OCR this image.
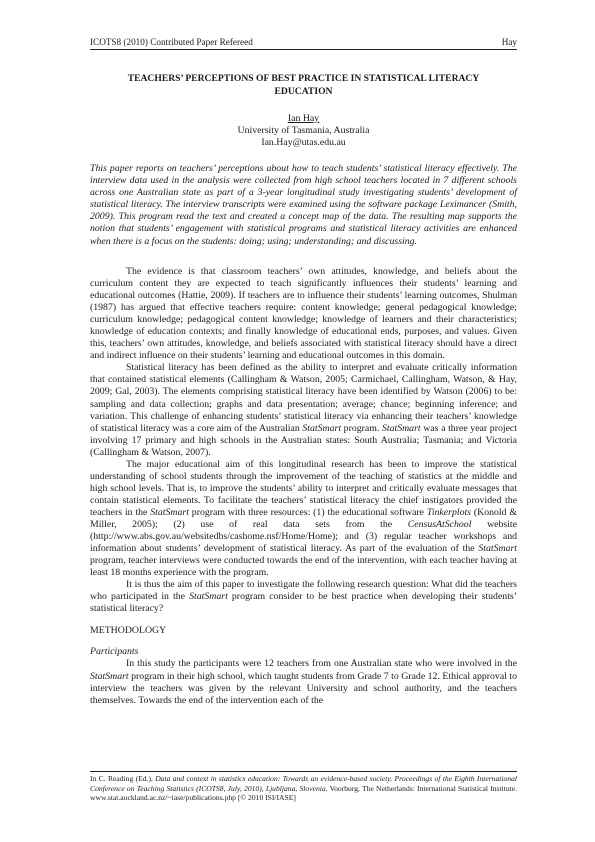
ICOTS8 (2010) Contributed Paper Refereed	Hay
TEACHERS’ PERCEPTIONS OF BEST PRACTICE IN STATISTICAL LITERACY
EDUCATION
Ian Hay
University of Tasmania, Australia
Ian.Hay@utas.edu.au

This paper reports on teachers’ perceptions about how to teach students’ statistical literacy effectively. The interview data used in the analysis were collected from high school teachers located in 7 different schools across one Australian state as part of a 3-year longitudinal study investigating students’ development of statistical literacy. The interview transcripts were examined using the software package Leximancer (Smith, 2009). This program read the text and created a concept map of the data. The resulting map supports the notion that students’ engagement with statistical programs and statistical literacy activities are enhanced when there is a focus on the students: doing; using; understanding; and discussing.

The evidence is that classroom teachers’ own attitudes, knowledge, and beliefs about the curriculum content they are expected to teach significantly influences their students’ learning and educational outcomes (Hattie, 2009). If teachers are to influence their students’ learning outcomes, Shulman (1987) has argued that effective teachers require: content knowledge; general pedagogical knowledge; curriculum knowledge; pedagogical content knowledge; knowledge of learners and their characteristics; knowledge of education contexts; and finally knowledge of educational ends, purposes, and values. Given this, teachers’ own attitudes, knowledge, and beliefs associated with statistical literacy should have a direct and indirect influence on their students’ learning and educational outcomes in this domain.

Statistical literacy has been defined as the ability to interpret and evaluate critically information that contained statistical elements (Callingham & Watson, 2005; Carmichael, Callingham, Watson, & Hay, 2009; Gal, 2003). The elements comprising statistical literacy have been identified by Watson (2006) to be: sampling and data collection; graphs and data presentation; average; chance; beginning inference; and variation. This challenge of enhancing students’ statistical literacy via enhancing their teachers’ knowledge of statistical literacy was a core aim of the Australian StatSmart program. StatSmart was a three year project involving 17 primary and high schools in the Australian states: South Australia; Tasmania; and Victoria (Callingham & Watson, 2007).

The major educational aim of this longitudinal research has been to improve the statistical understanding of school students through the improvement of the teaching of statistics at the middle and high school levels. That is, to improve the students’ ability to interpret and critically evaluate messages that contain statistical elements. To facilitate the teachers’ statistical literacy the chief instigators provided the teachers in the StatSmart program with three resources: (1) the educational software Tinkerplots (Konold & Miller, 2005); (2) use of real data sets from the CensusAtSchool website (http://www.abs.gov.au/websitedbs/cashome.nsf/Home/Home); and (3) regular teacher workshops and information about students’ development of statistical literacy. As part of the evaluation of the StatSmart program, teacher interviews were conducted towards the end of the intervention, with each teacher having at least 18 months experience with the program.

It is thus the aim of this paper to investigate the following research question: What did the teachers who participated in the StatSmart program consider to be best practice when developing their students’ statistical literacy?

METHODOLOGY

Participants

In this study the participants were 12 teachers from one Australian state who were involved in the StatSmart program in their high school, which taught students from Grade 7 to Grade 12. Ethical approval to interview the teachers was given by the relevant University and school authority, and the teachers themselves. Towards the end of the intervention each of the

In C. Reading (Ed.), Data and context in statistics education: Towards an evidence-based society. Proceedings of the Eighth International Conference on Teaching Statistics (ICOTS8, July, 2010), Ljubljana, Slovenia. Voorburg, The Netherlands: International Statistical Institute. www.stat.auckland.ac.nz/~iase/publications.php [© 2010 ISI/IASE]
